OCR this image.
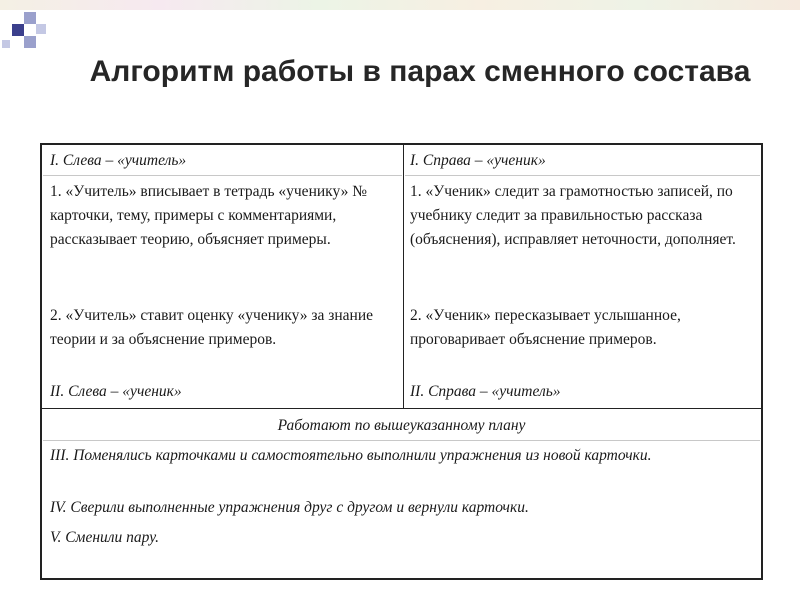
Алгоритм работы в парах сменного состава

I. Слева – «учитель»

1. «Учитель» вписывает в тетрадь «ученику» № карточки, тему, примеры с комментариями, рассказывает теорию, объясняет примеры.

2. «Учитель» ставит оценку «ученику» за знание теории и за объяснение примеров.

II. Слева – «ученик»

I. Справа – «ученик»

1. «Ученик» следит за грамотностью записей, по учебнику следит за правильностью рассказа (объяснения), исправляет неточности, дополняет.

2. «Ученик» пересказывает услышанное, проговаривает объяснение примеров.

II. Справа – «учитель»

Работают по вышеуказанному плану

III. Поменялись карточками и самостоятельно выполнили упражнения из новой карточки.

IV. Сверили выполненные упражнения друг с другом и вернули карточки.

V. Сменили пару.
